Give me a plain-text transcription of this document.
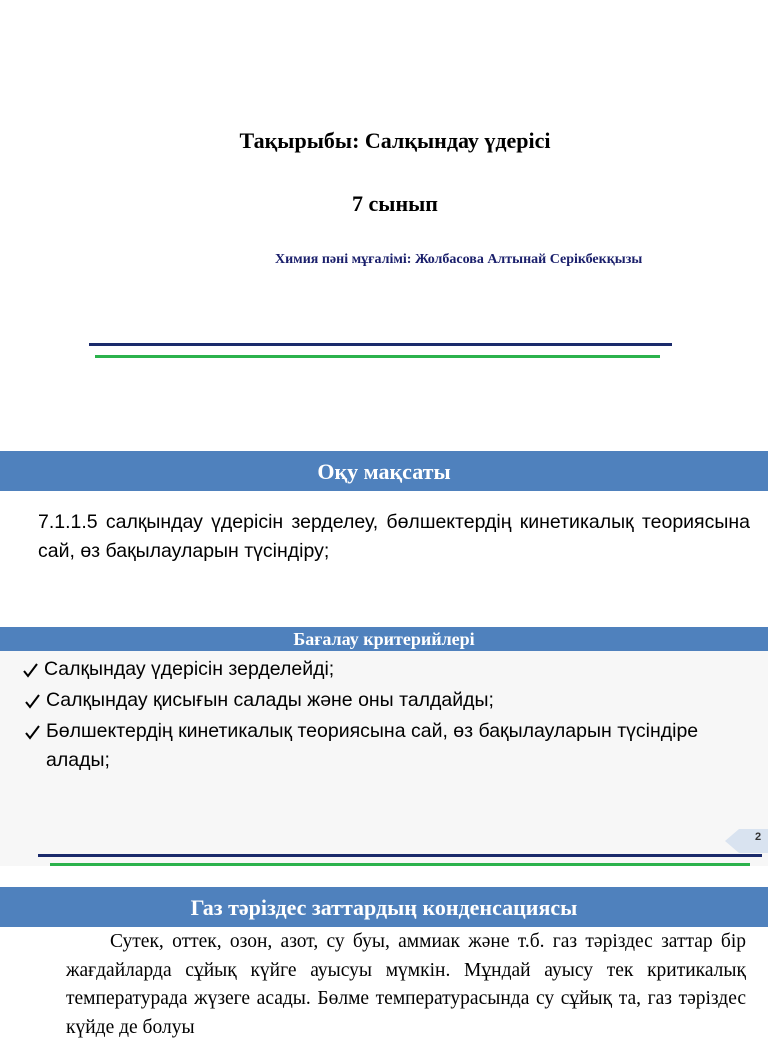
Тақырыбы: Салқындау үдерісі
7 сынып
Химия пәні мұғалімі: Жолбасова Алтынай Серікбекқызы
Оқу мақсаты
7.1.1.5 салқындау үдерісін зерделеу, бөлшектердің кинетикалық теориясына сай, өз бақылауларын түсіндіру;
Бағалау критерийлері
Салқындау үдерісін зерделейді;
Салқындау қисығын салады және оны талдайды;
Бөлшектердің кинетикалық теориясына сай, өз бақылауларын түсіндіре алады;
2
Газ тәріздес заттардың конденсациясы
Сутек, оттек, озон, азот, су буы, аммиак және т.б. газ тәріздес заттар бір жағдайларда сұйық күйге ауысуы мүмкін. Мұндай ауысу тек критикалық температурада жүзеге асады. Бөлме температурасында су сұйық та, газ тәріздес күйде де болуы
